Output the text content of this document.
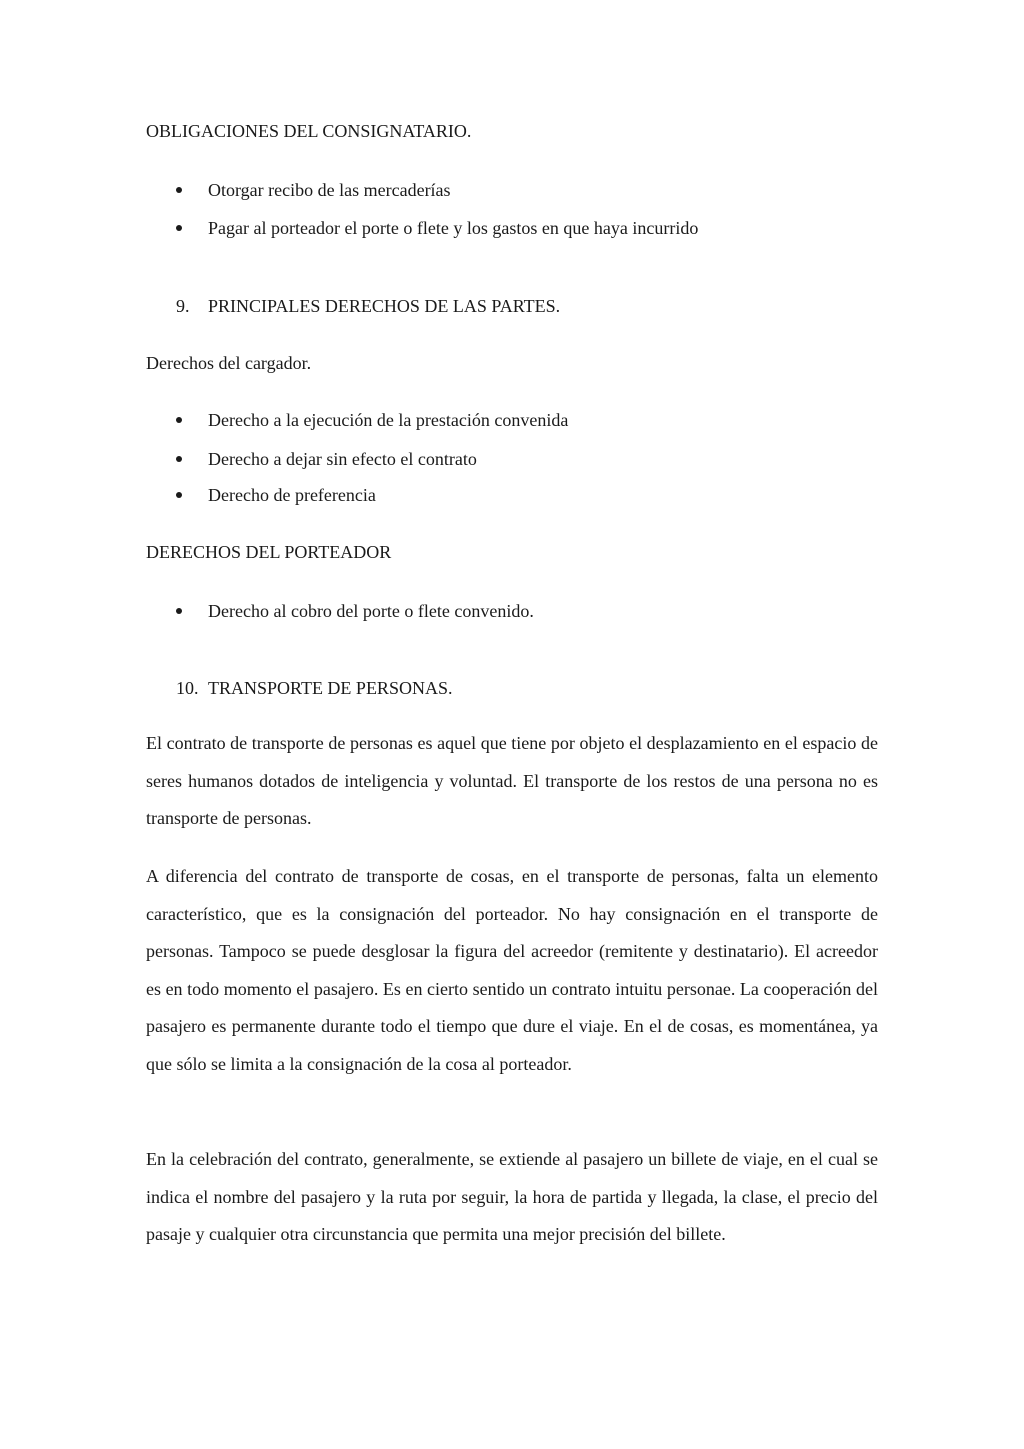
OBLIGACIONES DEL CONSIGNATARIO.

Otorgar recibo de las mercaderías
Pagar al porteador el porte o flete y los gastos en que haya incurrido
9. PRINCIPALES DERECHOS DE LAS PARTES.

Derechos del cargador.

Derecho a la ejecución de la prestación convenida
Derecho a dejar sin efecto el contrato
Derecho de preferencia

DERECHOS DEL PORTEADOR

Derecho al cobro del porte o flete convenido.
10. TRANSPORTE DE PERSONAS.

El contrato de transporte de personas es aquel que tiene por objeto el desplazamiento en el espacio de seres humanos dotados de inteligencia y voluntad. El transporte de los restos de una persona no es transporte de personas.

A diferencia del contrato de transporte de cosas, en el transporte de personas, falta un elemento característico, que es la consignación del porteador. No hay consignación en el transporte de personas. Tampoco se puede desglosar la figura del acreedor (remitente y destinatario). El acreedor es en todo momento el pasajero. Es en cierto sentido un contrato intuitu personae. La cooperación del pasajero es permanente durante todo el tiempo que dure el viaje. En el de cosas, es momentánea, ya que sólo se limita a la consignación de la cosa al porteador.

En la celebración del contrato, generalmente, se extiende al pasajero un billete de viaje, en el cual se indica el nombre del pasajero y la ruta por seguir, la hora de partida y llegada, la clase, el precio del pasaje y cualquier otra circunstancia que permita una mejor precisión del billete.
